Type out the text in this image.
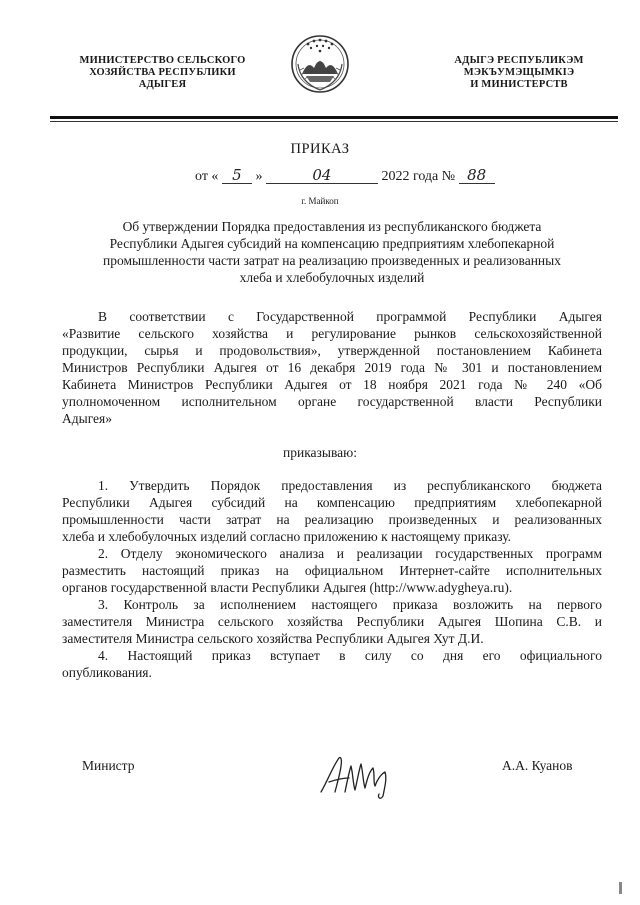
МИНИСТЕРСТВО СЕЛЬСКОГО
ХОЗЯЙСТВА РЕСПУБЛИКИ
АДЫГЕЯ
АДЫГЭ РЕСПУБЛИКЭМ
МЭКЪУМЭЩЫМКIЭ
И МИНИСТЕРСТВ
ПРИКАЗ
от « 5 »	04	2022 года № 88
г. Майкоп
Об утверждении Порядка предоставления из республиканского бюджета
Республики Адыгея субсидий на компенсацию предприятиям хлебопекарной
промышленности части затрат на реализацию произведенных и реализованных
хлеба и хлебобулочных изделий
В соответствии с Государственной программой Республики Адыгея
«Развитие сельского хозяйства и регулирование рынков сельскохозяйственной
продукции, сырья и продовольствия», утвержденной постановлением Кабинета
Министров Республики Адыгея от 16 декабря 2019 года № 301 и постановлением
Кабинета Министров Республики Адыгея от 18 ноября 2021 года № 240 «Об
уполномоченном исполнительном органе государственной власти Республики
Адыгея»
приказываю:
1. Утвердить Порядок предоставления из республиканского бюджета
Республики Адыгея субсидий на компенсацию предприятиям хлебопекарной
промышленности части затрат на реализацию произведенных и реализованных
хлеба и хлебобулочных изделий согласно приложению к настоящему приказу.
2. Отделу экономического анализа и реализации государственных программ
разместить настоящий приказ на официальном Интернет-сайте исполнительных
органов государственной власти Республики Адыгея (http://www.adygheya.ru).
3. Контроль за исполнением настоящего приказа возложить на первого
заместителя Министра сельского хозяйства Республики Адыгея Шопина С.В. и
заместителя Министра сельского хозяйства Республики Адыгея Хут Д.И.
4. Настоящий приказ вступает в силу со дня его официального
опубликования.
Министр	А.А. Куанов
